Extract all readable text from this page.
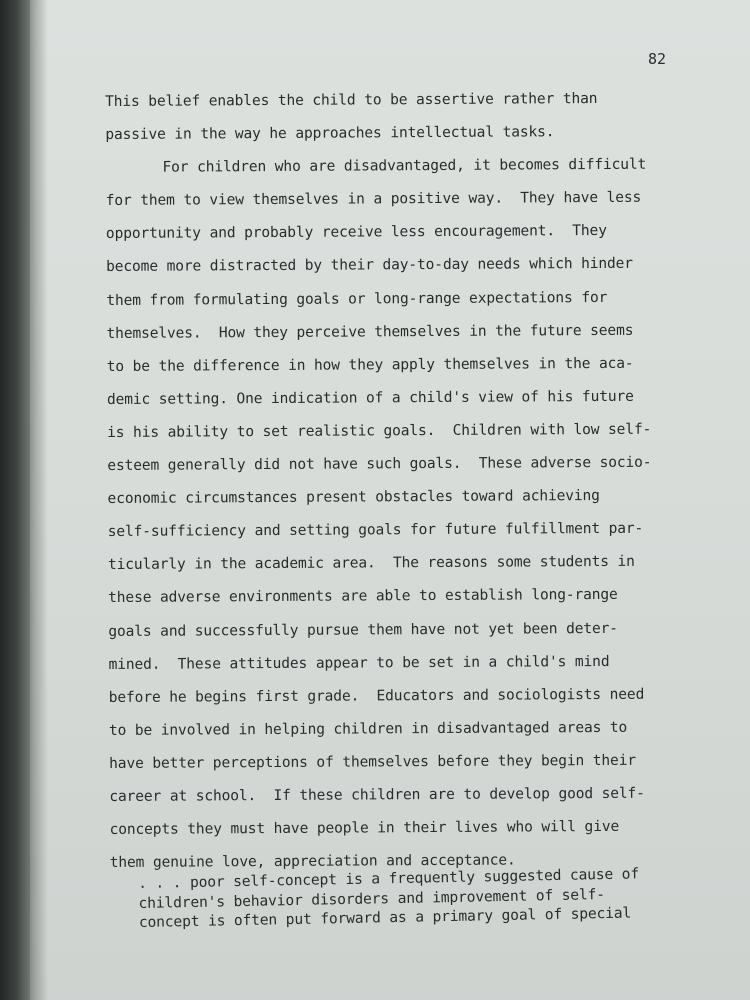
82

This belief enables the child to be assertive rather than
passive in the way he approaches intellectual tasks.
For children who are disadvantaged, it becomes difficult
for them to view themselves in a positive way.  They have less
opportunity and probably receive less encouragement.  They
become more distracted by their day-to-day needs which hinder
them from formulating goals or long-range expectations for
themselves.  How they perceive themselves in the future seems
to be the difference in how they apply themselves in the aca-
demic setting. One indication of a child's view of his future
is his ability to set realistic goals.  Children with low self-
esteem generally did not have such goals.  These adverse socio-
economic circumstances present obstacles toward achieving
self-sufficiency and setting goals for future fulfillment par-
ticularly in the academic area.  The reasons some students in
these adverse environments are able to establish long-range
goals and successfully pursue them have not yet been deter-
mined.  These attitudes appear to be set in a child's mind
before he begins first grade.  Educators and sociologists need
to be involved in helping children in disadvantaged areas to
have better perceptions of themselves before they begin their
career at school.  If these children are to develop good self-
concepts they must have people in their lives who will give
them genuine love, appreciation and acceptance.
. . . poor self-concept is a frequently suggested cause of
children's behavior disorders and improvement of self-
concept is often put forward as a primary goal of special
